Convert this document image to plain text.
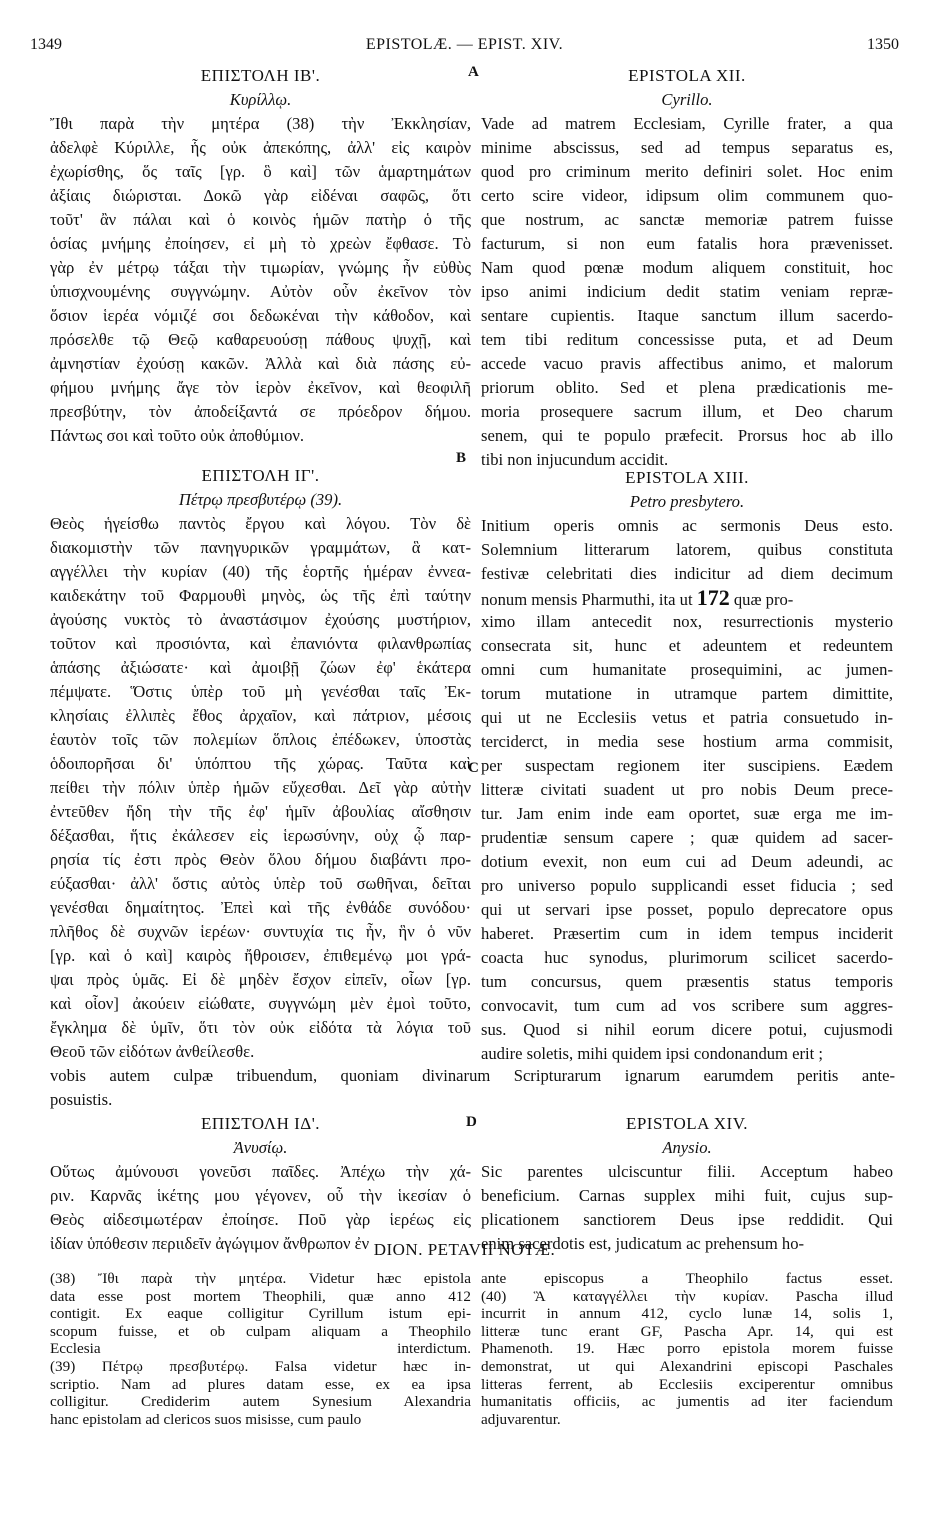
1349	EPISTOLÆ. — EPIST. XIV.	1350
A
B
C
D
ΕΠΙΣΤΟΛΗ ΙΒ'.
Κυρίλλῳ.
Ἴθι παρὰ τὴν μητέρα (38) τὴν Ἐκκλησίαν,
ἀδελφὲ Κύριλλε, ἧς οὐκ ἀπεκόπης, ἀλλ' εἰς καιρὸν
ἐχωρίσθης, ὅς ταῖς [γρ. ὃ καὶ] τῶν ἁμαρτημάτων
ἀξίαις διώρισται. Δοκῶ γὰρ εἰδέναι σαφῶς, ὅτι
τοῦτ' ἂν πάλαι καὶ ὁ κοινὸς ἡμῶν πατὴρ ὁ τῆς
ὁσίας μνήμης ἐποίησεν, εἰ μὴ τὸ χρεὼν ἔφθασε. Τὸ
γὰρ ἐν μέτρῳ τάξαι τὴν τιμωρίαν, γνώμης ἦν εὐθὺς
ὑπισχνουμένης συγγνώμην. Αὐτὸν οὖν ἐκεῖνον τὸν
ὅσιον ἱερέα νόμιζέ σοι δεδωκέναι τὴν κάθοδον, καὶ
πρόσελθε τῷ Θεῷ καθαρευούσῃ πάθους ψυχῇ, καὶ
ἀμνηστίαν ἐχούσῃ κακῶν. Ἀλλὰ καὶ διὰ πάσης εὐ-
φήμου μνήμης ἄγε τὸν ἱερὸν ἐκεῖνον, καὶ θεοφιλῆ
πρεσβύτην, τὸν ἀποδείξαντά σε πρόεδρον δήμου.
Πάντως σοι καὶ τοῦτο οὐκ ἀποθύμιον.
ΕΠΙΣΤΟΛΗ ΙΓ'.
Πέτρῳ πρεσβυτέρῳ (39).
Θεὸς ἡγείσθω παντὸς ἔργου καὶ λόγου. Τὸν δὲ
διακομιστὴν τῶν πανηγυρικῶν γραμμάτων, ἃ κατ-
αγγέλλει τὴν κυρίαν (40) τῆς ἑορτῆς ἡμέραν ἐννεα-
καιδεκάτην τοῦ Φαρμουθὶ μηνὸς, ὡς τῆς ἐπὶ ταύτην
ἀγούσης νυκτὸς τὸ ἀναστάσιμον ἐχούσης μυστήριον,
τοῦτον καὶ προσιόντα, καὶ ἐπανιόντα φιλανθρωπίας
ἁπάσης ἀξιώσατε· καὶ ἀμοιβῇ ζώων ἐφ' ἑκάτερα
πέμψατε. Ὅστις ὑπὲρ τοῦ μὴ γενέσθαι ταῖς Ἐκ-
κλησίαις ἐλλιπὲς ἔθος ἀρχαῖον, καὶ πάτριον, μέσοις
ἑαυτὸν τοῖς τῶν πολεμίων ὅπλοις ἐπέδωκεν, ὑποστὰς
ὁδοιπορῆσαι δι' ὑπόπτου τῆς χώρας. Ταῦτα καὶ
πείθει τὴν πόλιν ὑπὲρ ἡμῶν εὔχεσθαι. Δεῖ γὰρ αὐτὴν
ἐντεῦθεν ἤδη τὴν τῆς ἐφ' ἡμῖν ἀβουλίας αἴσθησιν
δέξασθαι, ἥτις ἐκάλεσεν εἰς ἱερωσύνην, οὐχ ᾧ παρ-
ρησία τίς ἐστι πρὸς Θεὸν ὅλου δήμου διαβάντι προ-
εύξασθαι· ἀλλ' ὅστις αὐτὸς ὑπὲρ τοῦ σωθῆναι, δεῖται
γενέσθαι δημαίτητος. Ἐπεὶ καὶ τῆς ἐνθάδε συνόδου·
πλῆθος δὲ συχνῶν ἱερέων· συντυχία τις ἦν, ἣν ὁ νῦν
[γρ. καὶ ὁ καὶ] καιρὸς ἤθροισεν, ἐπιθεμένῳ μοι γρά-
ψαι πρὸς ὑμᾶς. Εἰ δὲ μηδὲν ἔσχον εἰπεῖν, οἷων [γρ.
καὶ οἷον] ἀκούειν εἰώθατε, συγγνώμη μὲν ἐμοὶ τοῦτο,
ἔγκλημα δὲ ὑμῖν, ὅτι τὸν οὐκ εἰδότα τὰ λόγια τοῦ
Θεοῦ τῶν εἰδότων ἀνθείλεσθε.
ΕΠΙΣΤΟΛΗ ΙΔ'.
Ἀνυσίῳ.
Οὕτως ἀμύνουσι γονεῦσι παῖδες. Ἀπέχω τὴν χά-
ριν. Καρνᾶς ἱκέτης μου γέγονεν, οὗ τὴν ἱκεσίαν ὁ
Θεὸς αἰδεσιμωτέραν ἐποίησε. Ποῦ γὰρ ἱερέως εἰς
ἰδίαν ὑπόθεσιν περιιδεῖν ἀγώγιμον ἄνθρωπον ἐν
EPISTOLA XII.
Cyrillo.
Vade ad matrem Ecclesiam, Cyrille frater, a qua
minime abscissus, sed ad tempus separatus es,
quod pro criminum merito definiri solet. Hoc enim
certo scire videor, idipsum olim communem quo-
que nostrum, ac sanctæ memoriæ patrem fuisse
facturum, si non eum fatalis hora prævenisset.
Nam quod pœnæ modum aliquem constituit, hoc
ipso animi indicium dedit statim veniam repræ-
sentare cupientis. Itaque sanctum illum sacerdo-
tem tibi reditum concessisse puta, et ad Deum
accede vacuo pravis affectibus animo, et malorum
priorum oblito. Sed et plena prædicationis me-
moria prosequere sacrum illum, et Deo charum
senem, qui te populo præfecit. Prorsus hoc ab illo
tibi non injucundum accidit.
EPISTOLA XIII.
Petro presbytero.
Initium operis omnis ac sermonis Deus esto.
Solemnium litterarum latorem, quibus constituta
festivæ celebritati dies indicitur ad diem decimum
nonum mensis Pharmuthi, ita ut 172 quæ pro-
ximo illam antecedit nox, resurrectionis mysterio
consecrata sit, hunc et adeuntem et redeuntem
omni cum humanitate prosequimini, ac jumen-
torum mutatione in utramque partem dimittite,
qui ut ne Ecclesiis vetus et patria consuetudo in-
terciderct, in media sese hostium arma commisit,
per suspectam regionem iter suscipiens. Eædem
litteræ civitati suadent ut pro nobis Deum prece-
tur. Jam enim inde eam oportet, suæ erga me im-
prudentiæ sensum capere ; quæ quidem ad sacer-
dotium evexit, non eum cui ad Deum adeundi, ac
pro universo populo supplicandi esset fiducia ; sed
qui ut servari ipse posset, populo deprecatore opus
haberet. Præsertim cum in idem tempus inciderit
coacta huc synodus, plurimorum scilicet sacerdo-
tum concursus, quem præsentis status temporis
convocavit, tum cum ad vos scribere sum aggres-
sus. Quod si nihil eorum dicere potui, cujusmodi
audire soletis, mihi quidem ipsi condonandum erit ;
EPISTOLA XIV.
Anysio.
Sic parentes ulciscuntur filii. Acceptum habeo
beneficium. Carnas supplex mihi fuit, cujus sup-
plicationem sanctiorem Deus ipse reddidit. Qui
enim sacerdotis est, judicatum ac prehensum ho-
vobis autem culpæ tribuendum, quoniam divinarum Scripturarum ignarum earumdem peritis ante-
posuistis.
DION. PETAVII NOTÆ.
(38) Ἴθι παρὰ τὴν μητέρα. Videtur hæc epistola
data esse post mortem Theophili, quæ anno 412
contigit. Ex eaque colligitur Cyrillum istum epi-
scopum fuisse, et ob culpam aliquam a Theophilo
Ecclesia interdictum.
(39) Πέτρῳ πρεσβυτέρῳ. Falsa videtur hæc in-
scriptio. Nam ad plures datam esse, ex ea ipsa
colligitur. Crediderim autem Synesium Alexandria
hanc epistolam ad clericos suos misisse, cum paulo
ante episcopus a Theophilo factus esset.
(40) Ἃ καταγγέλλει τὴν κυρίαν. Pascha illud
incurrit in annum 412, cyclo lunæ 14, solis 1,
litteræ tunc erant GF, Pascha Apr. 14, qui est
Phamenoth. 19. Hæc porro epistola morem fuisse
demonstrat, ut qui Alexandrini episcopi Paschales
litteras ferrent, ab Ecclesiis exciperentur omnibus
humanitatis officiis, ac jumentis ad iter faciendum
adjuvarentur.
